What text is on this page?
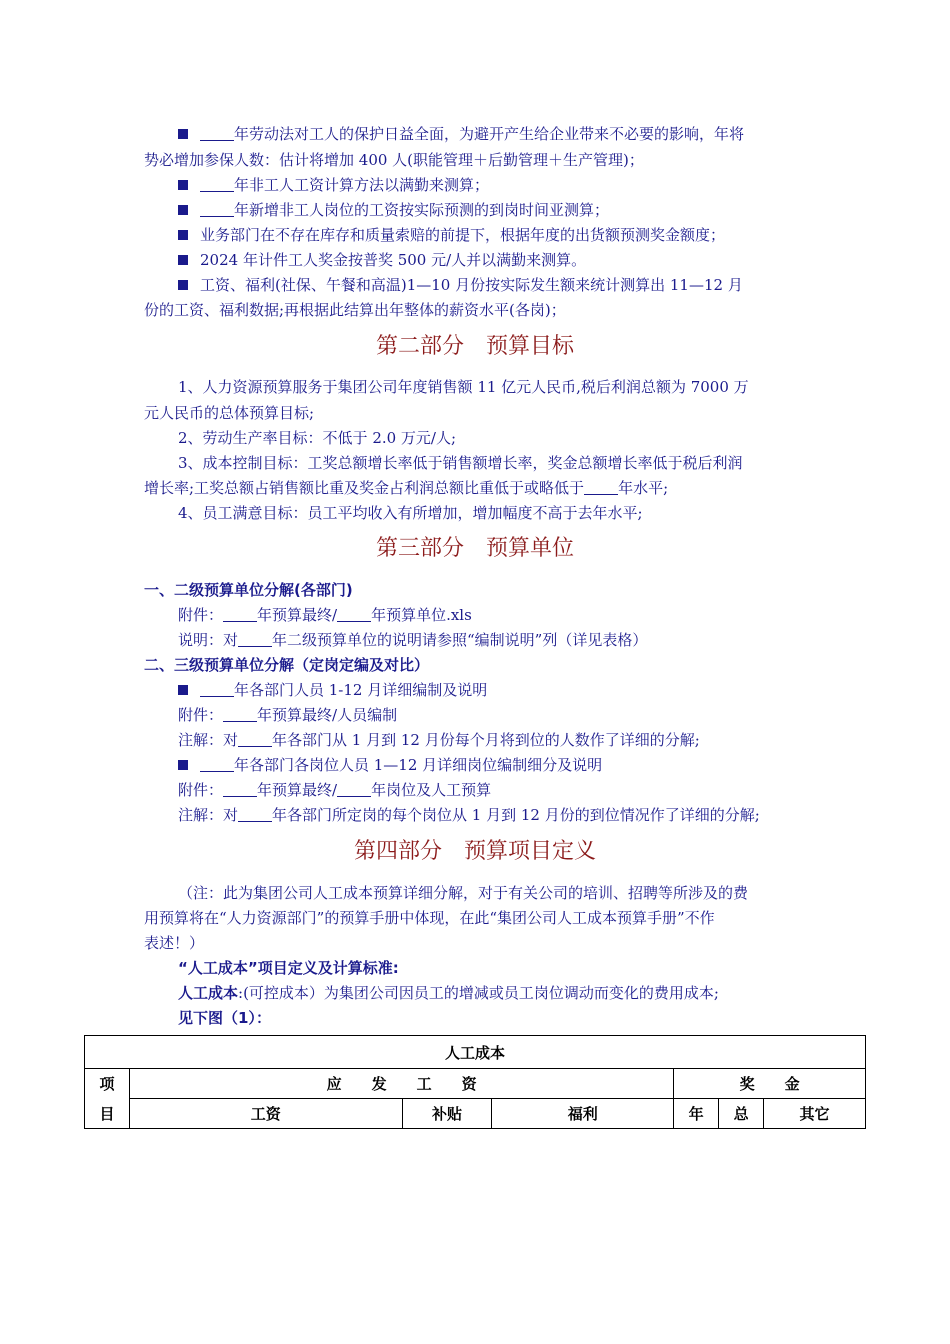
年劳动法对工人的保护日益全面，为避开产生给企业带来不必要的影响，年将
势必增加参保人数：估计将增加 400 人(职能管理＋后勤管理＋生产管理)；
年非工人工资计算方法以满勤来测算；
年新增非工人岗位的工资按实际预测的到岗时间亚测算；
业务部门在不存在库存和质量索赔的前提下，根据年度的出货额预测奖金额度；
2024 年计件工人奖金按普奖 500 元/人并以满勤来测算。
工资、福利(社保、午餐和高温)1—10 月份按实际发生额来统计测算出 11—12 月
份的工资、福利数据;再根据此结算出年整体的薪资水平(各岗)；
第二部分　预算目标
1、人力资源预算服务于集团公司年度销售额 11 亿元人民币,税后利润总额为 7000 万
元人民币的总体预算目标;
2、劳动生产率目标：不低于 2.0 万元/人;
3、成本控制目标：工奖总额增长率低于销售额增长率，奖金总额增长率低于税后利润
增长率;工奖总额占销售额比重及奖金占利润总额比重低于或略低于 年水平;
4、员工满意目标：员工平均收入有所增加，增加幅度不高于去年水平;
第三部分　预算单位
一、二级预算单位分解(各部门)
附件： 年预算最终/ 年预算单位.xls
说明：对 年二级预算单位的说明请参照“编制说明”列（详见表格）
二、三级预算单位分解（定岗定编及对比）
年各部门人员 1-12 月详细编制及说明
附件： 年预算最终/人员编制
注解：对 年各部门从 1 月到 12 月份每个月将到位的人数作了详细的分解;
年各部门各岗位人员 1—12 月详细岗位编制细分及说明
附件： 年预算最终/ 年岗位及人工预算
注解：对 年各部门所定岗的每个岗位从 1 月到 12 月份的到位情况作了详细的分解;
第四部分　预算项目定义
（注：此为集团公司人工成本预算详细分解，对于有关公司的培训、招聘等所涉及的费
用预算将在“人力资源部门”的预算手册中体现，在此“集团公司人工成本预算手册”不作
表述！）
“人工成本”项目定义及计算标准:
人工成本:(可控成本）为集团公司因员工的增减或员工岗位调动而变化的费用成本;
见下图（1）：
人工成本						
项	应　　发　　工　　资			奖　　金		
目	工资	补贴	福利	年	总	其它
